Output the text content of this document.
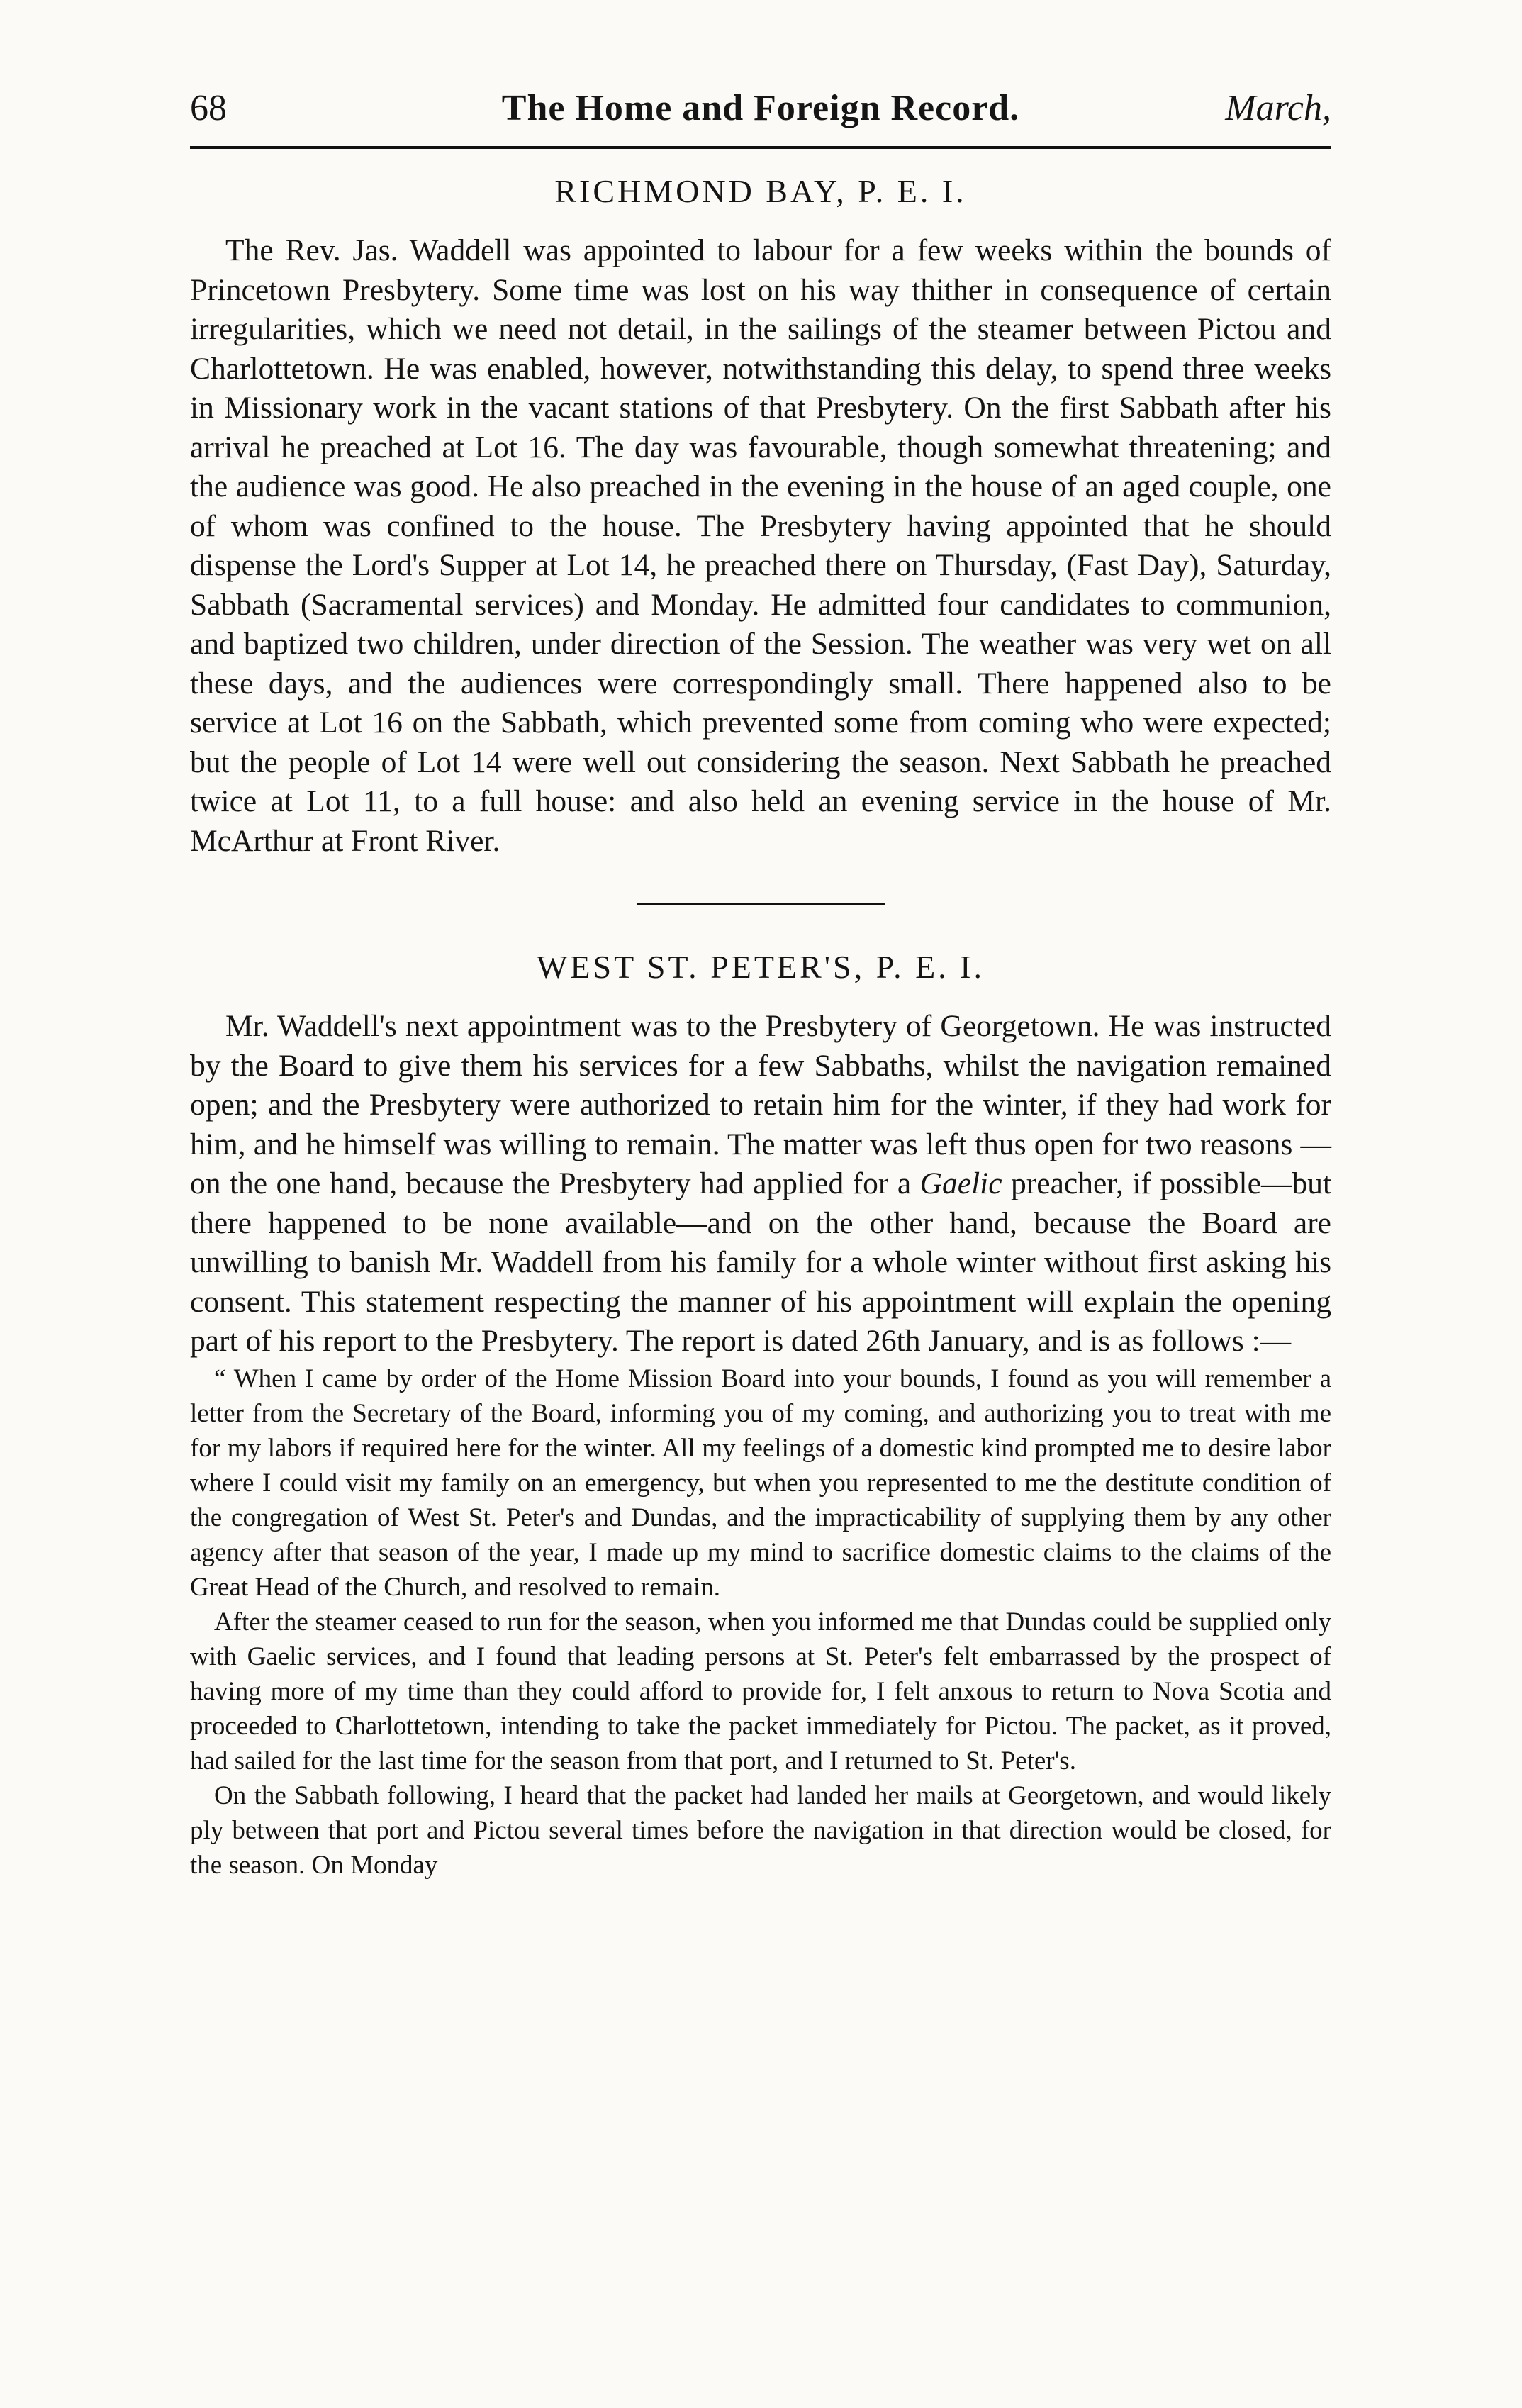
68	The Home and Foreign Record.	March,
RICHMOND BAY, P. E. I.

The Rev. Jas. Waddell was appointed to labour for a few weeks within the bounds of Princetown Presbytery. Some time was lost on his way thither in consequence of certain irregularities, which we need not detail, in the sailings of the steamer between Pictou and Charlottetown. He was enabled, however, notwithstanding this delay, to spend three weeks in Missionary work in the vacant stations of that Presbytery. On the first Sabbath after his arrival he preached at Lot 16. The day was favourable, though somewhat threatening; and the audience was good. He also preached in the evening in the house of an aged couple, one of whom was confined to the house. The Presbytery having appointed that he should dispense the Lord's Supper at Lot 14, he preached there on Thursday, (Fast Day), Saturday, Sabbath (Sacramental services) and Monday. He admitted four candidates to communion, and baptized two children, under direction of the Session. The weather was very wet on all these days, and the audiences were correspondingly small. There happened also to be service at Lot 16 on the Sabbath, which prevented some from coming who were expected; but the people of Lot 14 were well out considering the season. Next Sabbath he preached twice at Lot 11, to a full house: and also held an evening service in the house of Mr. McArthur at Front River.

WEST ST. PETER'S, P. E. I.

Mr. Waddell's next appointment was to the Presbytery of Georgetown. He was instructed by the Board to give them his services for a few Sabbaths, whilst the navigation remained open; and the Presbytery were authorized to retain him for the winter, if they had work for him, and he himself was willing to remain. The matter was left thus open for two reasons —on the one hand, because the Presbytery had applied for a Gaelic preacher, if possible—but there happened to be none available—and on the other hand, because the Board are unwilling to banish Mr. Waddell from his family for a whole winter without first asking his consent. This statement respecting the manner of his appointment will explain the opening part of his report to the Presbytery. The report is dated 26th January, and is as follows :—

“ When I came by order of the Home Mission Board into your bounds, I found as you will remember a letter from the Secretary of the Board, informing you of my coming, and authorizing you to treat with me for my labors if required here for the winter. All my feelings of a domestic kind prompted me to desire labor where I could visit my family on an emergency, but when you represented to me the destitute condition of the congregation of West St. Peter's and Dundas, and the impracticability of supplying them by any other agency after that season of the year, I made up my mind to sacrifice domestic claims to the claims of the Great Head of the Church, and resolved to remain.

After the steamer ceased to run for the season, when you informed me that Dundas could be supplied only with Gaelic services, and I found that leading persons at St. Peter's felt embarrassed by the prospect of having more of my time than they could afford to provide for, I felt anxous to return to Nova Scotia and proceeded to Charlottetown, intending to take the packet immediately for Pictou. The packet, as it proved, had sailed for the last time for the season from that port, and I returned to St. Peter's.

On the Sabbath following, I heard that the packet had landed her mails at Georgetown, and would likely ply between that port and Pictou several times before the navigation in that direction would be closed, for the season. On Monday
